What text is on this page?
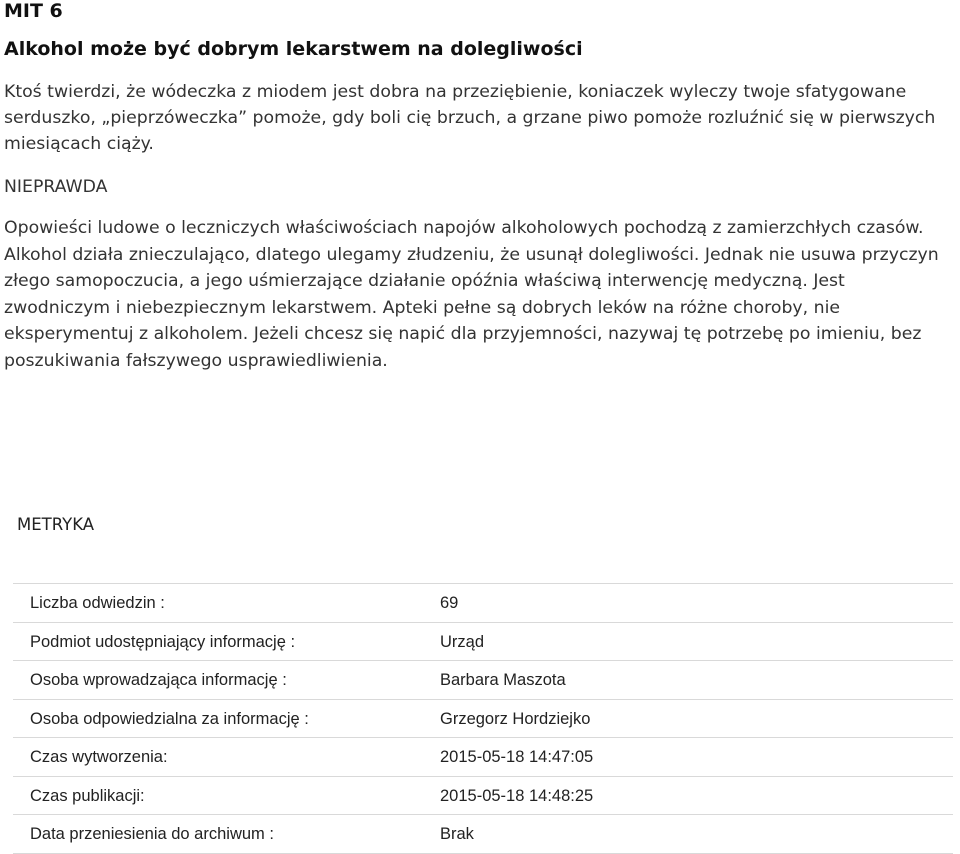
MIT 6
Alkohol może być dobrym lekarstwem na dolegliwości
Ktoś twierdzi, że wódeczka z miodem jest dobra na przeziębienie, koniaczek wyleczy twoje sfatygowane serduszko, „pieprzóweczka” pomoże, gdy boli cię brzuch, a grzane piwo pomoże rozluźnić się w pierwszych miesiącach ciąży.
NIEPRAWDA
Opowieści ludowe o leczniczych właściwościach napojów alkoholowych pochodzą z zamierzchłych czasów. Alkohol działa znieczulająco, dlatego ulegamy złudzeniu, że usunął dolegliwości. Jednak nie usuwa przyczyn złego samopoczucia, a jego uśmierzające działanie opóźnia właściwą interwencję medyczną. Jest zwodniczym i niebezpiecznym lekarstwem. Apteki pełne są dobrych leków na różne choroby, nie eksperymentuj z alkoholem. Jeżeli chcesz się napić dla przyjemności, nazywaj tę potrzebę po imieniu, bez poszukiwania fałszywego usprawiedliwienia.
METRYKA
Liczba odwiedzin :	69
Podmiot udostępniający informację :	Urząd
Osoba wprowadzająca informację :	Barbara Maszota
Osoba odpowiedzialna za informację :	Grzegorz Hordziejko
Czas wytworzenia:	2015-05-18 14:47:05
Czas publikacji:	2015-05-18 14:48:25
Data przeniesienia do archiwum :	Brak
